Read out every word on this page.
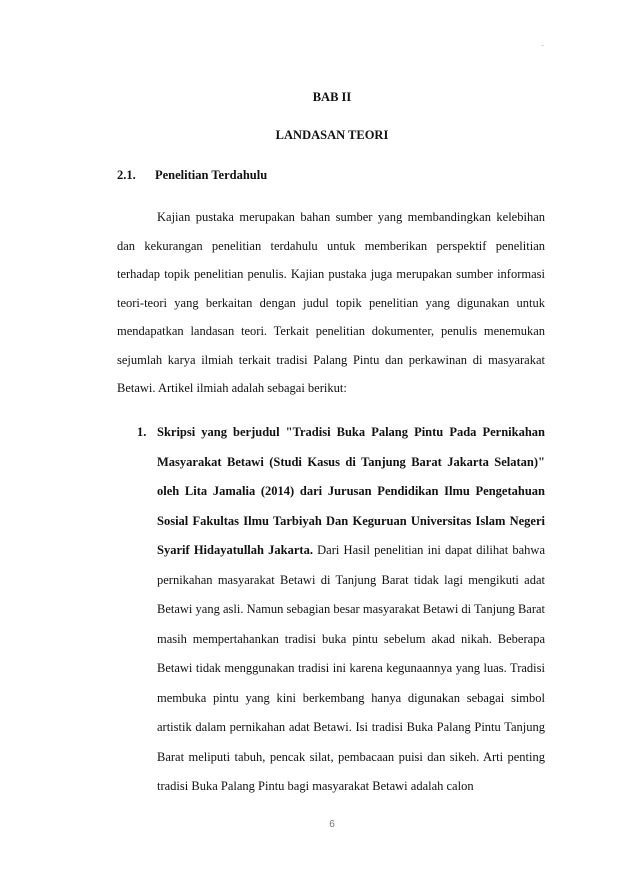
-
BAB II
LANDASAN TEORI
2.1. Penelitian Terdahulu
Kajian pustaka merupakan bahan sumber yang membandingkan kelebihan dan kekurangan penelitian terdahulu untuk memberikan perspektif penelitian terhadap topik penelitian penulis. Kajian pustaka juga merupakan sumber informasi teori-teori yang berkaitan dengan judul topik penelitian yang digunakan untuk mendapatkan landasan teori. Terkait penelitian dokumenter, penulis menemukan sejumlah karya ilmiah terkait tradisi Palang Pintu dan perkawinan di masyarakat Betawi. Artikel ilmiah adalah sebagai berikut:
1. Skripsi yang berjudul "Tradisi Buka Palang Pintu Pada Pernikahan Masyarakat Betawi (Studi Kasus di Tanjung Barat Jakarta Selatan)" oleh Lita Jamalia (2014) dari Jurusan Pendidikan Ilmu Pengetahuan Sosial Fakultas Ilmu Tarbiyah Dan Keguruan Universitas Islam Negeri Syarif Hidayatullah Jakarta. Dari Hasil penelitian ini dapat dilihat bahwa pernikahan masyarakat Betawi di Tanjung Barat tidak lagi mengikuti adat Betawi yang asli. Namun sebagian besar masyarakat Betawi di Tanjung Barat masih mempertahankan tradisi buka pintu sebelum akad nikah. Beberapa Betawi tidak menggunakan tradisi ini karena kegunaannya yang luas. Tradisi membuka pintu yang kini berkembang hanya digunakan sebagai simbol artistik dalam pernikahan adat Betawi. Isi tradisi Buka Palang Pintu Tanjung Barat meliputi tabuh, pencak silat, pembacaan puisi dan sikeh. Arti penting tradisi Buka Palang Pintu bagi masyarakat Betawi adalah calon
6
